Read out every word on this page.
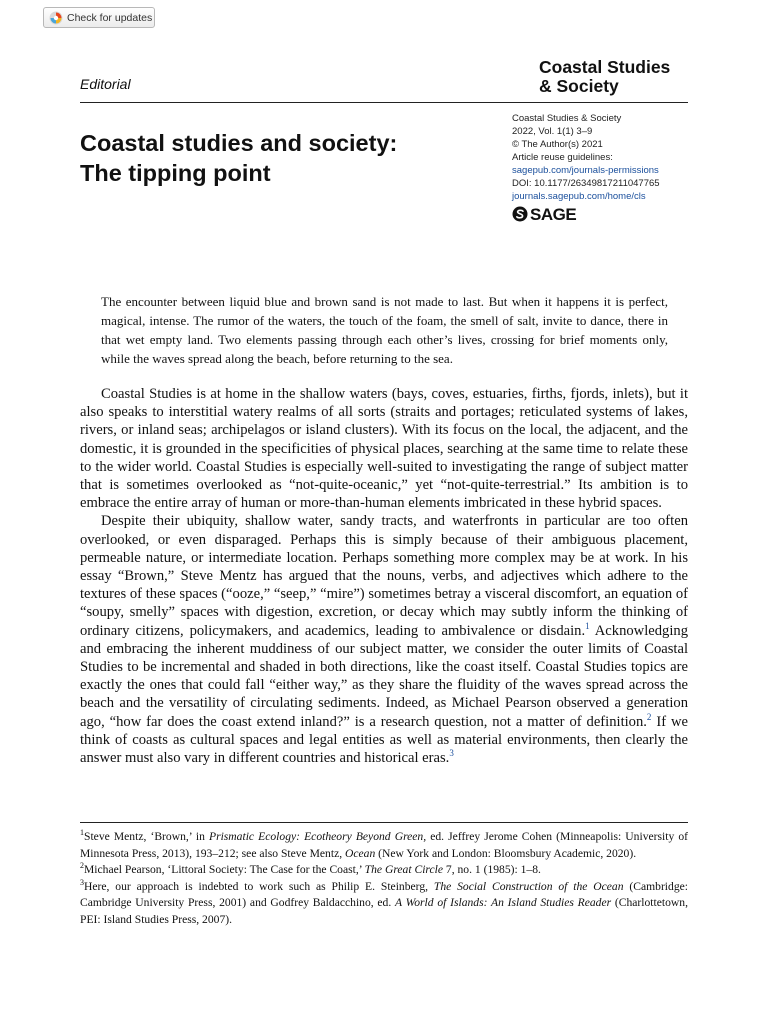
Check for updates
Coastal Studies
& Society
Editorial
Coastal studies and society:
The tipping point
Coastal Studies & Society
2022, Vol. 1(1) 3–9
© The Author(s) 2021
Article reuse guidelines:
sagepub.com/journals-permissions
DOI: 10.1177/26349817211047765
journals.sagepub.com/home/cls
SAGE

The encounter between liquid blue and brown sand is not made to last. But when it happens it is perfect, magical, intense. The rumor of the waters, the touch of the foam, the smell of salt, invite to dance, there in that wet empty land. Two elements passing through each other’s lives, crossing for brief moments only, while the waves spread along the beach, before returning to the sea.

Coastal Studies is at home in the shallow waters (bays, coves, estuaries, firths, fjords, inlets), but it also speaks to interstitial watery realms of all sorts (straits and portages; reticulated systems of lakes, rivers, or inland seas; archipelagos or island clusters). With its focus on the local, the adjacent, and the domestic, it is grounded in the specificities of physical places, searching at the same time to relate these to the wider world. Coastal Studies is especially well-suited to investigating the range of subject matter that is sometimes overlooked as “not-quite-oceanic,” yet “not-quite-terrestrial.” Its ambition is to embrace the entire array of human or more-than-human elements imbricated in these hybrid spaces.

Despite their ubiquity, shallow water, sandy tracts, and waterfronts in particular are too often overlooked, or even disparaged. Perhaps this is simply because of their ambiguous placement, permeable nature, or intermediate location. Perhaps something more complex may be at work. In his essay “Brown,” Steve Mentz has argued that the nouns, verbs, and adjectives which adhere to the textures of these spaces (“ooze,” “seep,” “mire”) sometimes betray a visceral discomfort, an equation of “soupy, smelly” spaces with digestion, excretion, or decay which may subtly inform the thinking of ordinary citizens, policymakers, and academics, leading to ambivalence or disdain.$^1$ Acknowledging and embracing the inherent muddiness of our subject matter, we consider the outer limits of Coastal Studies to be incremental and shaded in both directions, like the coast itself. Coastal Studies topics are exactly the ones that could fall “either way,” as they share the fluidity of the waves spread across the beach and the versatility of circulating sediments. Indeed, as Michael Pearson observed a generation ago, “how far does the coast extend inland?” is a research question, not a matter of definition.$^2$ If we think of coasts as cultural spaces and legal entities as well as material environments, then clearly the answer must also vary in different countries and historical eras.$^3$

$^1$Steve Mentz, ‘Brown,’ in Prismatic Ecology: Ecotheory Beyond Green, ed. Jeffrey Jerome Cohen (Minneapolis: University of Minnesota Press, 2013), 193–212; see also Steve Mentz, Ocean (New York and London: Bloomsbury Academic, 2020).

$^2$Michael Pearson, ‘Littoral Society: The Case for the Coast,’ The Great Circle 7, no. 1 (1985): 1–8.

$^3$Here, our approach is indebted to work such as Philip E. Steinberg, The Social Construction of the Ocean (Cambridge: Cambridge University Press, 2001) and Godfrey Baldacchino, ed. A World of Islands: An Island Studies Reader (Charlottetown, PEI: Island Studies Press, 2007).
